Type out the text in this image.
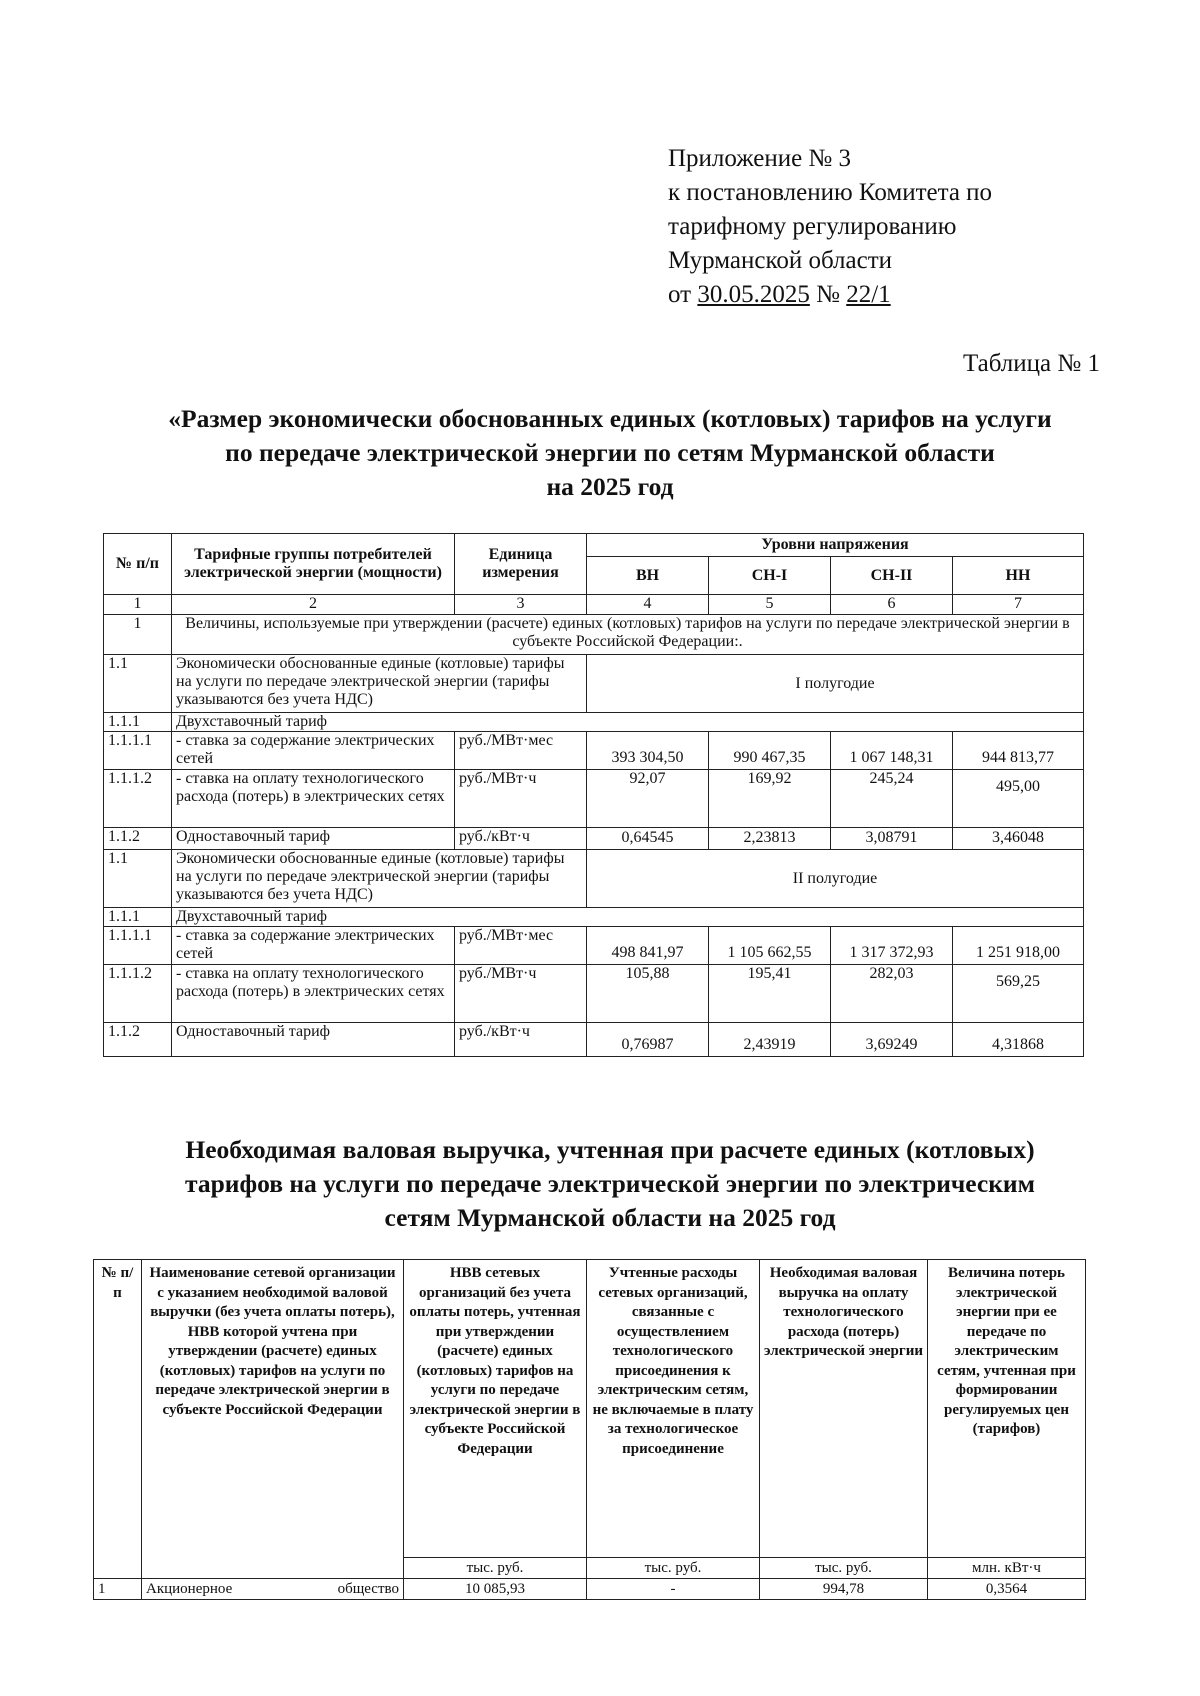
Приложение № 3
к постановлению Комитета по
тарифному регулированию
Мурманской области
от 30.05.2025 № 22/1
Таблица № 1
«Размер экономически обоснованных единых (котловых) тарифов на услуги
по передаче электрической энергии по сетям Мурманской области
на 2025 год
№ п/п	Тарифные группы потребителей электрической энергии (мощности)	Единица измерения	Уровни напряжения			
			ВН	СН-I	СН-II	НН
1	2	3	4	5	6	7
1	Величины, используемые при утверждении (расчете) единых (котловых) тарифов на услуги по передаче электрической энергии в субъекте Российской Федерации:.					
1.1	Экономически обоснованные единые (котловые) тарифы на услуги по передаче электрической энергии (тарифы указываются без учета НДС)		I полугодие			
1.1.1	Двухставочный тариф					
1.1.1.1	- ставка за содержание электрических сетей	руб./МВт·мес	393 304,50	990 467,35	1 067 148,31	944 813,77
1.1.1.2	- ставка на оплату технологического расхода (потерь) в электрических сетях	руб./МВт·ч	92,07	169,92	245,24	495,00
1.1.2	Одноставочный тариф	руб./кВт·ч	0,64545	2,23813	3,08791	3,46048
1.1	Экономически обоснованные единые (котловые) тарифы на услуги по передаче электрической энергии (тарифы указываются без учета НДС)		II полугодие			
1.1.1	Двухставочный тариф					
1.1.1.1	- ставка за содержание электрических сетей	руб./МВт·мес	498 841,97	1 105 662,55	1 317 372,93	1 251 918,00
1.1.1.2	- ставка на оплату технологического расхода (потерь) в электрических сетях	руб./МВт·ч	105,88	195,41	282,03	569,25
1.1.2	Одноставочный тариф	руб./кВт·ч	0,76987	2,43919	3,69249	4,31868
Необходимая валовая выручка, учтенная при расчете единых (котловых)
тарифов на услуги по передаче электрической энергии по электрическим
сетям Мурманской области на 2025 год
№ п/п	Наименование сетевой организации с указанием необходимой валовой выручки (без учета оплаты потерь), НВВ которой учтена при утверждении (расчете) единых (котловых) тарифов на услуги по передаче электрической энергии в субъекте Российской Федерации	НВВ сетевых организаций без учета оплаты потерь, учтенная при утверждении (расчете) единых (котловых) тарифов на услуги по передаче электрической энергии в субъекте Российской Федерации	Учтенные расходы сетевых организаций, связанные с осуществлением технологического присоединения к электрическим сетям, не включаемые в плату за технологическое присоединение	Необходимая валовая выручка на оплату технологического расхода (потерь) электрической энергии	Величина потерь электрической энергии при ее передаче по электрическим сетям, учтенная при формировании регулируемых цен (тарифов)
		тыс. руб.	тыс. руб.	тыс. руб.	млн. кВт·ч
1	Акционерное общество	10 085,93	-	994,78	0,3564
